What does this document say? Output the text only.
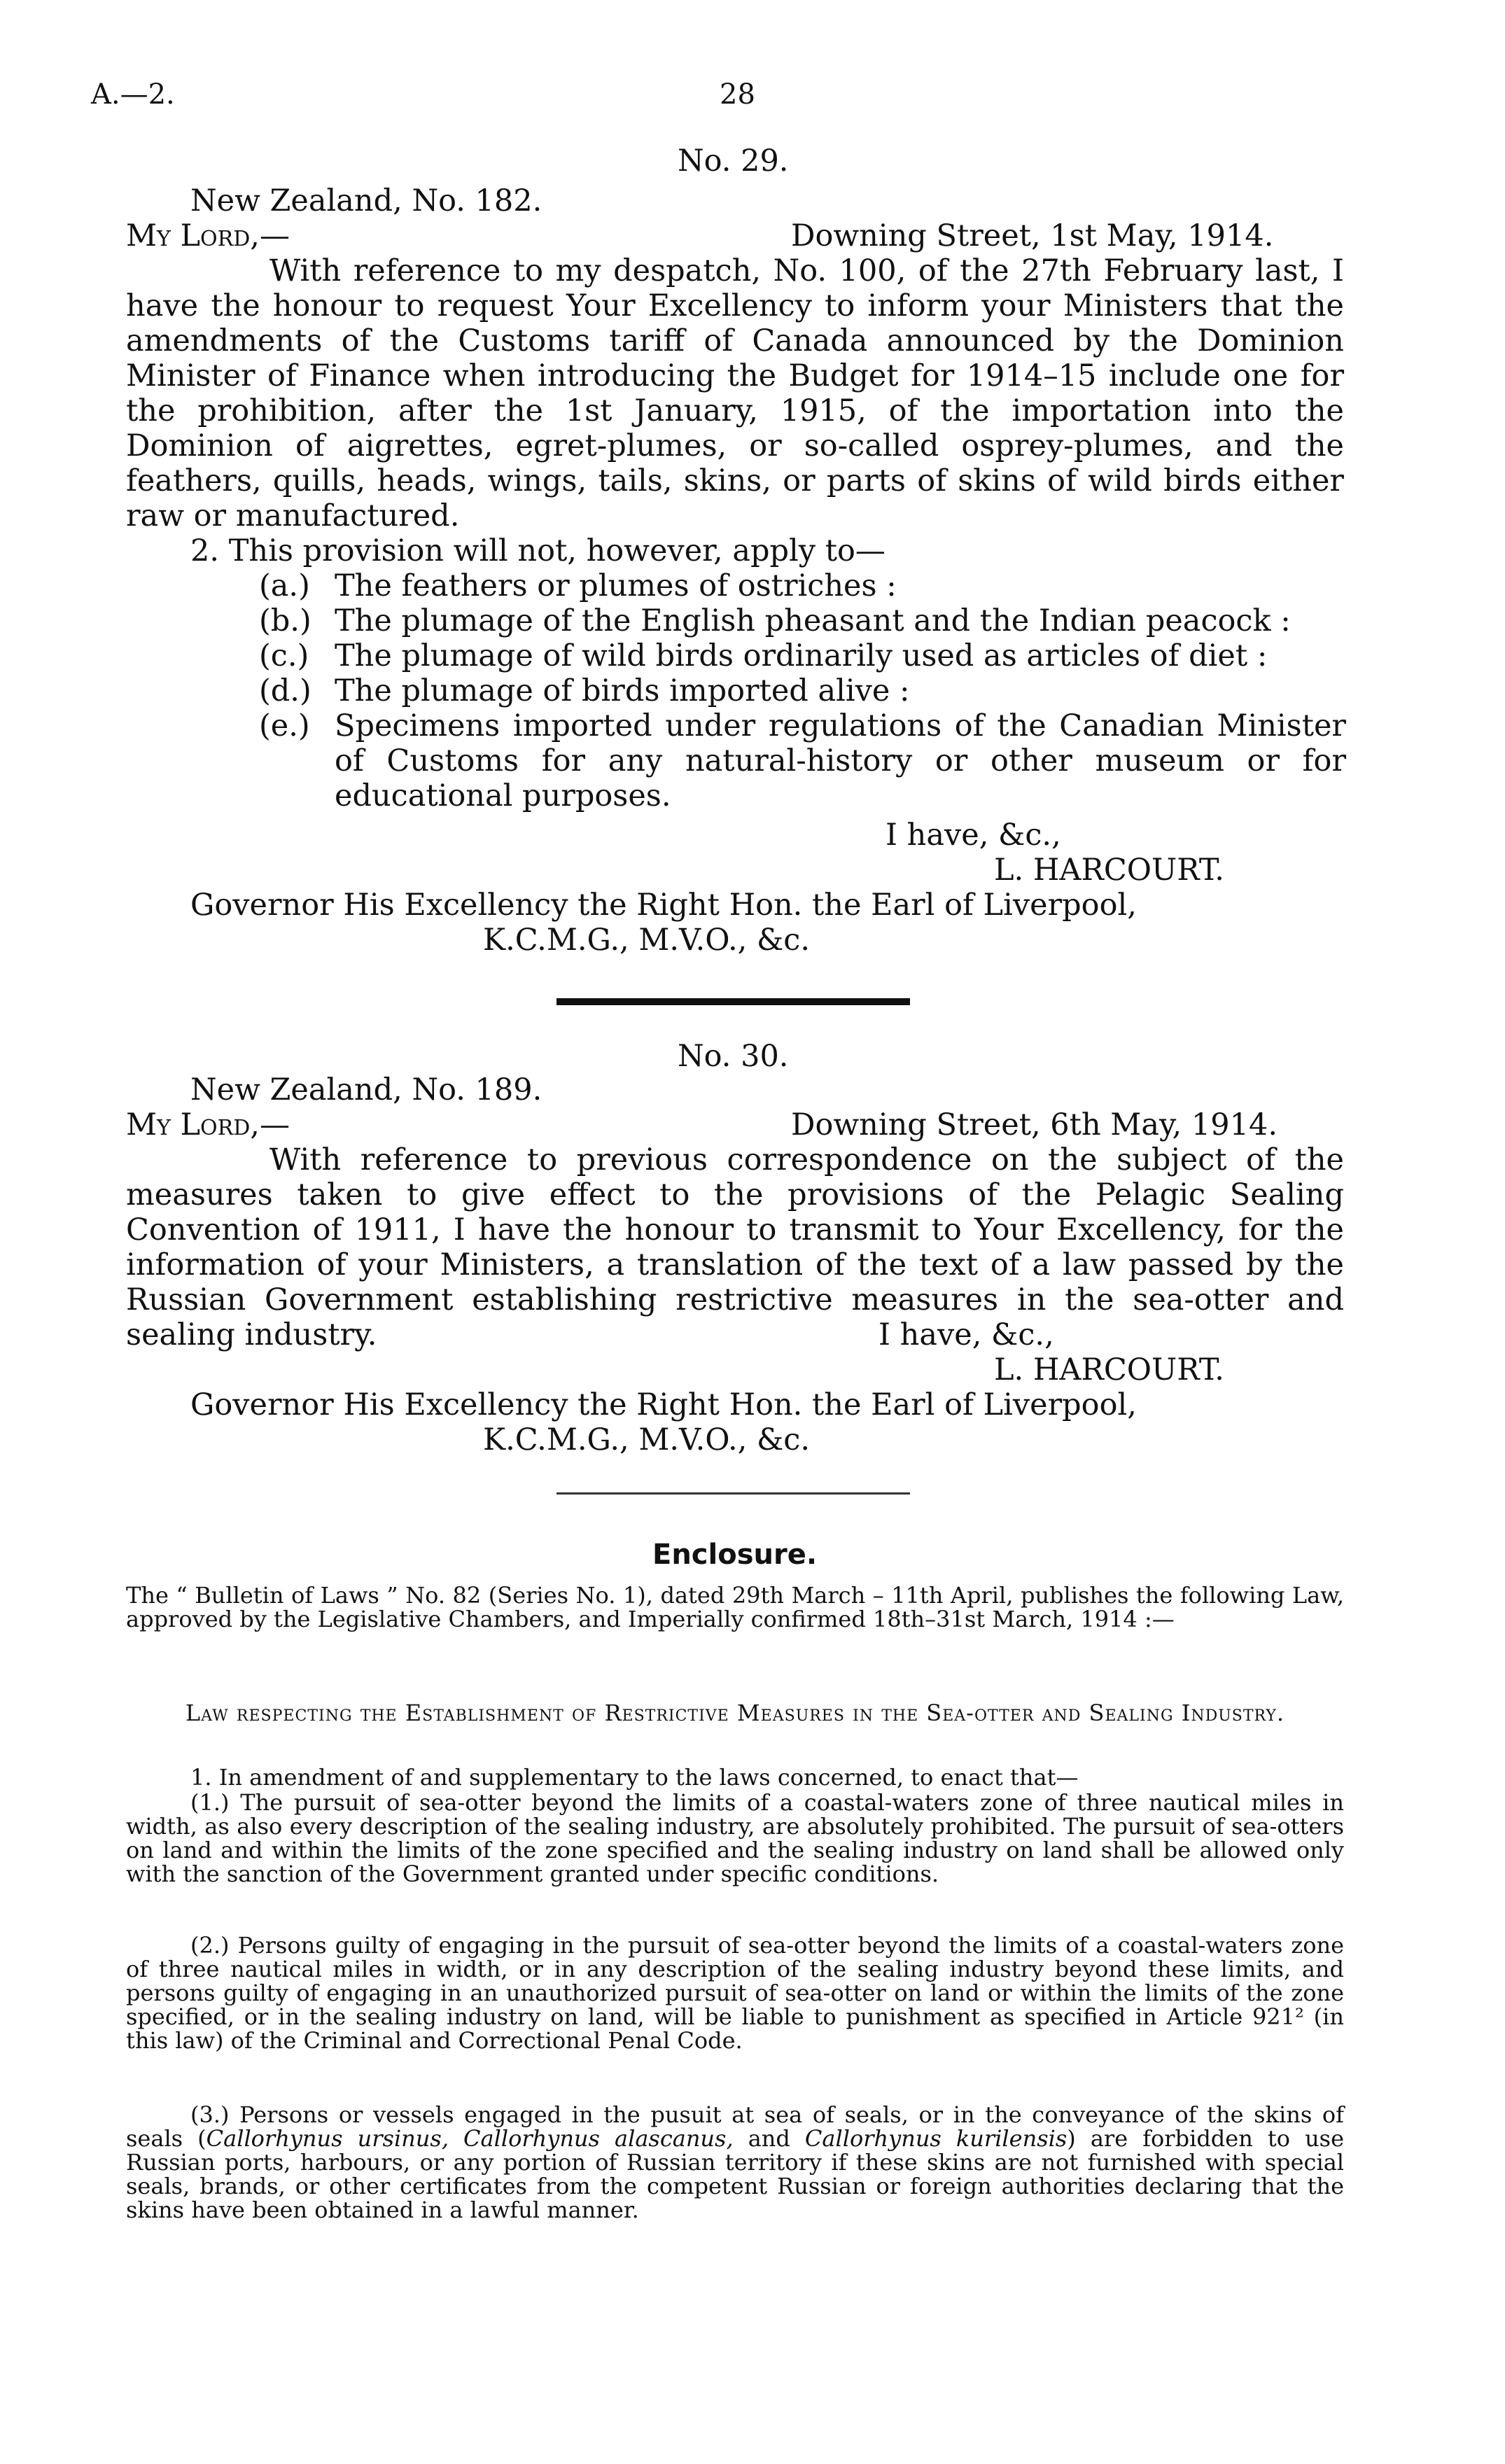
A.—2.	28
No. 29.
New Zealand, No. 182.
My Lord,—	Downing Street, 1st May, 1914.
With reference to my despatch, No. 100, of the 27th February last, I have the honour to request Your Excellency to inform your Ministers that the amendments of the Customs tariff of Canada announced by the Dominion Minister of Finance when introducing the Budget for 1914–15 include one for the prohibition, after the 1st January, 1915, of the importation into the Dominion of aigrettes, egret-plumes, or so-called osprey-plumes, and the feathers, quills, heads, wings, tails, skins, or parts of skins of wild birds either raw or manufactured.
2. This provision will not, however, apply to—
(a.) The feathers or plumes of ostriches :
(b.) The plumage of the English pheasant and the Indian peacock :
(c.) The plumage of wild birds ordinarily used as articles of diet :
(d.) The plumage of birds imported alive :
(e.) Specimens imported under regulations of the Canadian Minister of Customs for any natural-history or other museum or for educational purposes.
I have, &c.,
L. HARCOURT.
Governor His Excellency the Right Hon. the Earl of Liverpool,
K.C.M.G., M.V.O., &c.
No. 30.
New Zealand, No. 189.
My Lord,—	Downing Street, 6th May, 1914.
With reference to previous correspondence on the subject of the measures taken to give effect to the provisions of the Pelagic Sealing Convention of 1911, I have the honour to transmit to Your Excellency, for the information of your Ministers, a translation of the text of a law passed by the Russian Government establishing restrictive measures in the sea-otter and sealing industry.	I have, &c.,
L. HARCOURT.
Governor His Excellency the Right Hon. the Earl of Liverpool,
K.C.M.G., M.V.O., &c.
Enclosure.
The “ Bulletin of Laws ” No. 82 (Series No. 1), dated 29th March – 11th April, publishes the following Law, approved by the Legislative Chambers, and Imperially confirmed 18th–31st March, 1914 :—
Law respecting the Establishment of Restrictive Measures in the Sea-otter and Sealing Industry.
1. In amendment of and supplementary to the laws concerned, to enact that—
(1.) The pursuit of sea-otter beyond the limits of a coastal-waters zone of three nautical miles in width, as also every description of the sealing industry, are absolutely prohibited. The pursuit of sea-otters on land and within the limits of the zone specified and the sealing industry on land shall be allowed only with the sanction of the Government granted under specific conditions.
(2.) Persons guilty of engaging in the pursuit of sea-otter beyond the limits of a coastal-waters zone of three nautical miles in width, or in any description of the sealing industry beyond these limits, and persons guilty of engaging in an unauthorized pursuit of sea-otter on land or within the limits of the zone specified, or in the sealing industry on land, will be liable to punishment as specified in Article 921² (in this law) of the Criminal and Correctional Penal Code.
(3.) Persons or vessels engaged in the pusuit at sea of seals, or in the conveyance of the skins of seals (Callorhynus ursinus, Callorhynus alascanus, and Callorhynus kurilensis) are forbidden to use Russian ports, harbours, or any portion of Russian territory if these skins are not furnished with special seals, brands, or other certificates from the competent Russian or foreign authorities declaring that the skins have been obtained in a lawful manner.
